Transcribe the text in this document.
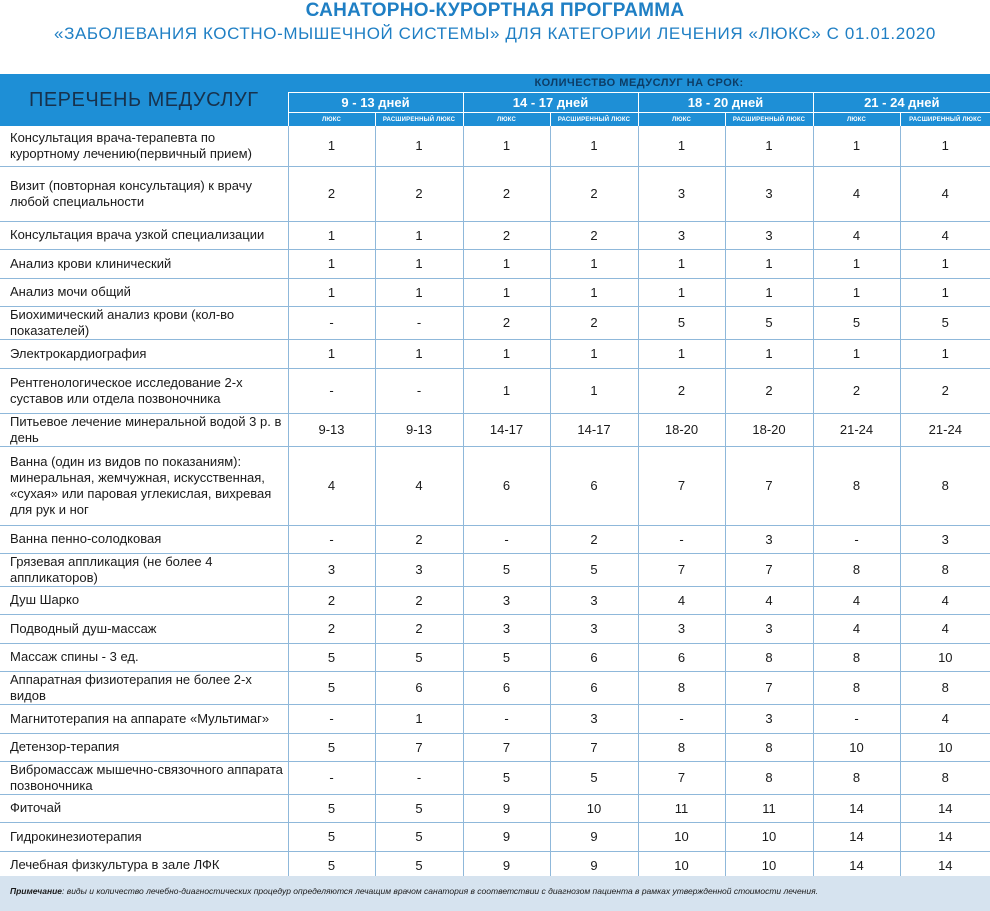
САНАТОРНО-КУРОРТНАЯ ПРОГРАММА
«ЗАБОЛЕВАНИЯ КОСТНО-МЫШЕЧНОЙ СИСТЕМЫ» ДЛЯ КАТЕГОРИИ ЛЕЧЕНИЯ «ЛЮКС» С 01.01.2020
ПЕРЕЧЕНЬ МЕДУСЛУГ	КОЛИЧЕСТВО МЕДУСЛУГ НА СРОК:							
	9 - 13 дней		14 - 17 дней		18 - 20 дней		21 - 24 дней	
	ЛЮКС	РАСШИРЕННЫЙ ЛЮКС	ЛЮКС	РАСШИРЕННЫЙ ЛЮКС	ЛЮКС	РАСШИРЕННЫЙ ЛЮКС	ЛЮКС	РАСШИРЕННЫЙ ЛЮКС
Консультация врача-терапевта по курортному лечению(первичный прием)	1	1	1	1	1	1	1	1
Визит (повторная консультация) к врачу любой специальности	2	2	2	2	3	3	4	4
Консультация врача узкой специализации	1	1	2	2	3	3	4	4
Анализ крови клинический	1	1	1	1	1	1	1	1
Анализ мочи общий	1	1	1	1	1	1	1	1
Биохимический анализ крови (кол-во показателей)	-	-	2	2	5	5	5	5
Электрокардиография	1	1	1	1	1	1	1	1
Рентгенологическое исследование 2-х суставов или отдела позвоночника	-	-	1	1	2	2	2	2
Питьевое лечение минеральной водой 3 р. в день	9-13	9-13	14-17	14-17	18-20	18-20	21-24	21-24
Ванна (один из видов по показаниям): минеральная, жемчужная, искусственная, «сухая» или паровая углекислая, вихревая для рук и ног	4	4	6	6	7	7	8	8
Ванна пенно-солодковая	-	2	-	2	-	3	-	3
Грязевая аппликация (не более 4 аппликаторов)	3	3	5	5	7	7	8	8
Душ Шарко	2	2	3	3	4	4	4	4
Подводный душ-массаж	2	2	3	3	3	3	4	4
Массаж спины - 3 ед.	5	5	5	6	6	8	8	10
Аппаратная физиотерапия не более 2-х видов	5	6	6	6	8	7	8	8
Магнитотерапия на аппарате «Мультимаг»	-	1	-	3	-	3	-	4
Детензор-терапия	5	7	7	7	8	8	10	10
Вибромассаж мышечно-связочного аппарата позвоночника	-	-	5	5	7	8	8	8
Фиточай	5	5	9	10	11	11	14	14
Гидрокинезиотерапия	5	5	9	9	10	10	14	14
Лечебная физкультура в зале ЛФК	5	5	9	9	10	10	14	14
Примечание: виды и количество лечебно-диагностических процедур определяются лечащим врачом санатория в соответствии с диагнозом пациента в рамках утвержденной стоимости лечения.
